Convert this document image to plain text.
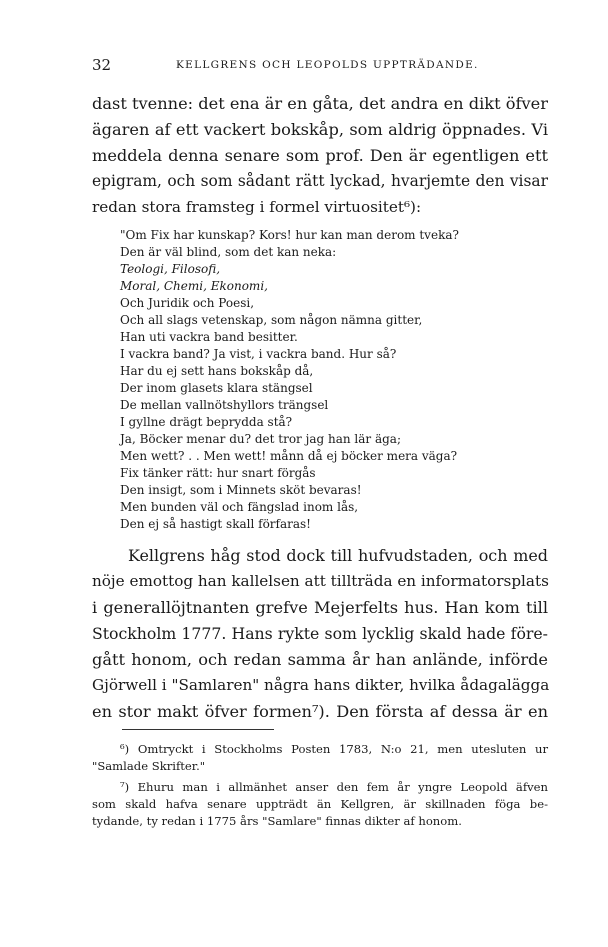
32	KELLGRENS OCH LEOPOLDS UPPTRÄDANDE.
dast tvenne: det ena är en gåta, det andra en dikt öfver
ägaren af ett vackert bokskåp, som aldrig öppnades. Vi
meddela denna senare som prof. Den är egentligen ett
epigram, och som sådant rätt lyckad, hvarjemte den visar
redan stora framsteg i formel virtuositet⁶):
"Om Fix har kunskap? Kors! hur kan man derom tveka?
Den är väl blind, som det kan neka:
Teologi, Filosofi,
Moral, Chemi, Ekonomi,
Och Juridik och Poesi,
Och all slags vetenskap, som någon nämna gitter,
Han uti vackra band besitter.
I vackra band? Ja vist, i vackra band. Hur så?
Har du ej sett hans bokskåp då,
Der inom glasets klara stängsel
De mellan vallnötshyllors trängsel
I gyllne drägt beprydda stå?
Ja, Böcker menar du? det tror jag han lär äga;
Men wett? . . Men wett! månn då ej böcker mera väga?
Fix tänker rätt: hur snart förgås
Den insigt, som i Minnets sköt bevaras!
Men bunden väl och fängslad inom lås,
Den ej så hastigt skall förfaras!
Kellgrens håg stod dock till hufvudstaden, och med
nöje emottog han kallelsen att tillträda en informatorsplats
i generallöjtnanten grefve Mejerfelts hus. Han kom till
Stockholm 1777. Hans rykte som lycklig skald hade före-
gått honom, och redan samma år han anlände, införde
Gjörwell i "Samlaren" några hans dikter, hvilka ådagalägga
en stor makt öfver formen⁷). Den första af dessa är en
⁶) Omtryckt i Stockholms Posten 1783, N:o 21, men utesluten ur
"Samlade Skrifter."
⁷) Ehuru man i allmänhet anser den fem år yngre Leopold äfven
som skald hafva senare uppträdt än Kellgren, är skillnaden föga be-
tydande, ty redan i 1775 års "Samlare" finnas dikter af honom.
